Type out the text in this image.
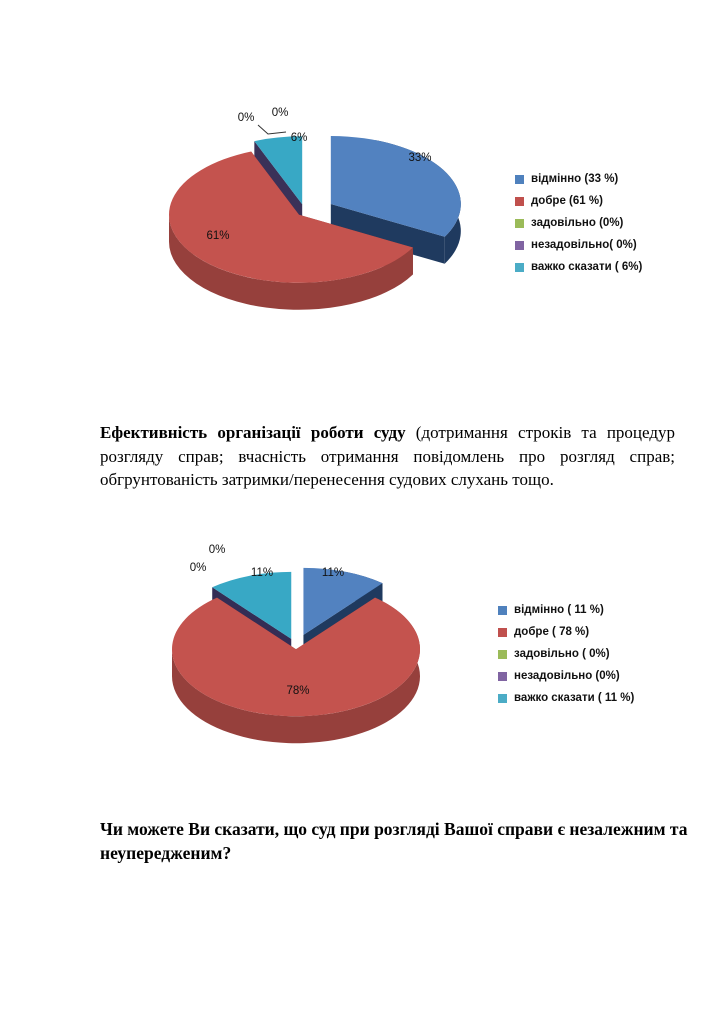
33%
61%
0% 0%
6%
відмінно (33 %)
добре (61 %)
задовільно (0%)
незадовільно( 0%)
важко сказати ( 6%)

Ефективність організації роботи суду (дотримання строків та процедур розгляду справ; вчасність отримання повідомлень про розгляд справ; обгрунтованість затримки/перенесення судових слухань тощо.

11%
78%
0%
0%	11%
відмінно ( 11 %)
добре ( 78 %)
задовільно ( 0%)
незадовільно (0%)
важко сказати ( 11 %)

Чи можете Ви сказати, що суд при розгляді Вашої справи є незалежним та неупередженим?
